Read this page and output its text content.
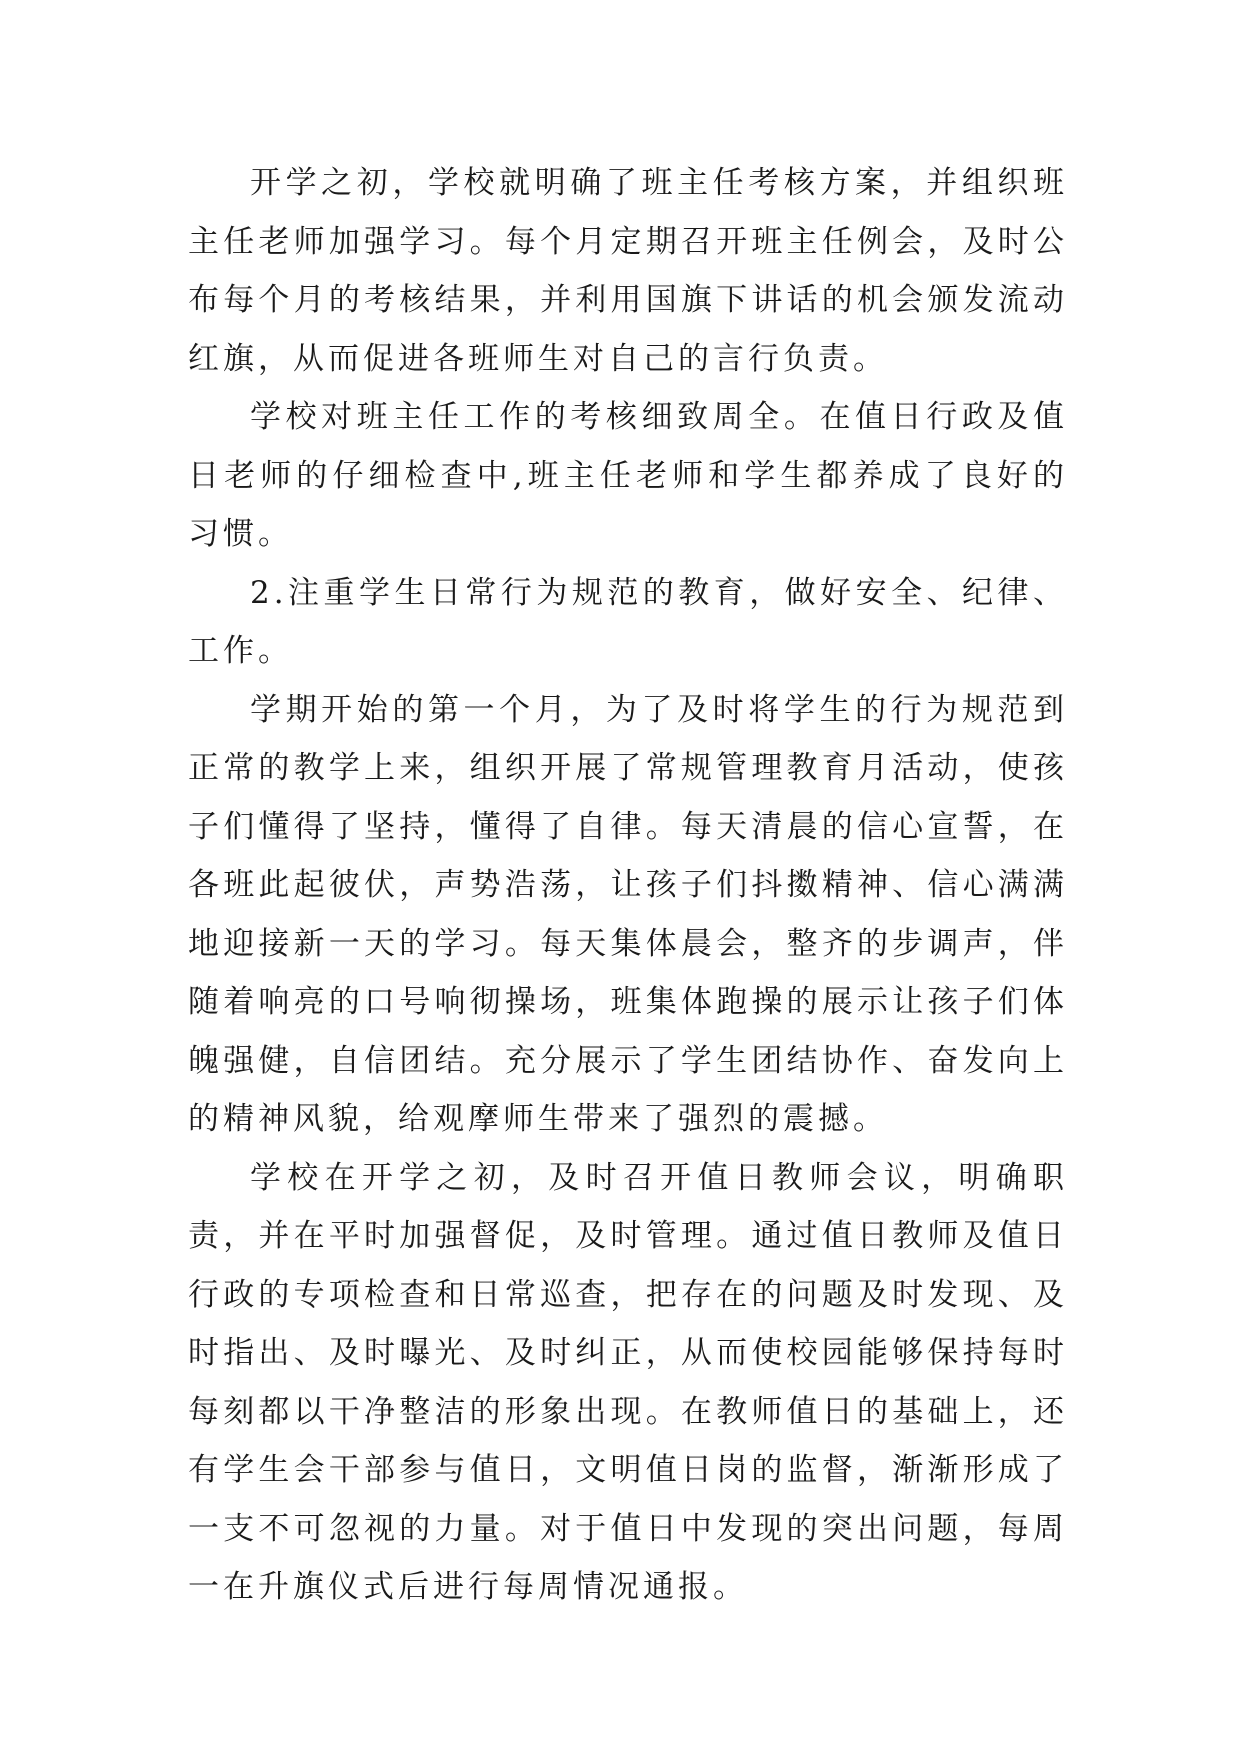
开学之初，学校就明确了班主任考核方案，并组织班主任老师加强学习。每个月定期召开班主任例会，及时公布每个月的考核结果，并利用国旗下讲话的机会颁发流动红旗，从而促进各班师生对自己的言行负责。

学校对班主任工作的考核细致周全。在值日行政及值日老师的仔细检查中,班主任老师和学生都养成了良好的习惯。

2.注重学生日常行为规范的教育，做好安全、纪律、工作。

学期开始的第一个月，为了及时将学生的行为规范到正常的教学上来，组织开展了常规管理教育月活动，使孩子们懂得了坚持，懂得了自律。每天清晨的信心宣誓，在各班此起彼伏，声势浩荡，让孩子们抖擞精神、信心满满地迎接新一天的学习。每天集体晨会，整齐的步调声，伴随着响亮的口号响彻操场，班集体跑操的展示让孩子们体魄强健，自信团结。充分展示了学生团结协作、奋发向上的精神风貌，给观摩师生带来了强烈的震撼。

学校在开学之初，及时召开值日教师会议，明确职责，并在平时加强督促，及时管理。通过值日教师及值日行政的专项检查和日常巡查，把存在的问题及时发现、及时指出、及时曝光、及时纠正，从而使校园能够保持每时每刻都以干净整洁的形象出现。在教师值日的基础上，还有学生会干部参与值日，文明值日岗的监督，渐渐形成了一支不可忽视的力量。对于值日中发现的突出问题，每周一在升旗仪式后进行每周情况通报。
